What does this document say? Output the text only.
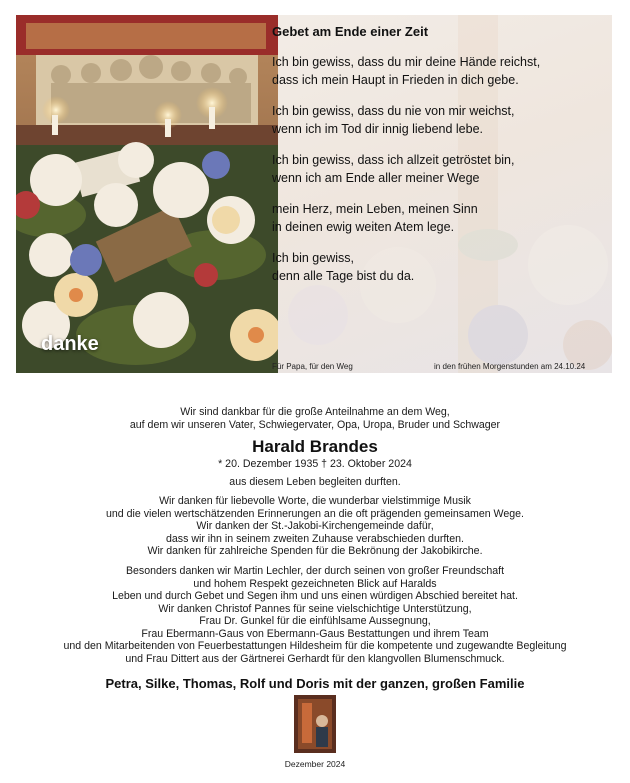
danke
Gebet am Ende einer Zeit
Ich bin gewiss, dass du mir deine Hände reichst,
dass ich mein Haupt in Frieden in dich gebe.
Ich bin gewiss, dass du nie von mir weichst,
wenn ich im Tod dir innig liebend lebe.
Ich bin gewiss, dass ich allzeit getröstet bin,
wenn ich am Ende aller meiner Wege
mein Herz, mein Leben, meinen Sinn
in deinen ewig weiten Atem lege.
Ich bin gewiss,
denn alle Tage bist du da.
Für Papa, für den Weg	in den frühen Morgenstunden am 24.10.24
Wir sind dankbar für die große Anteilnahme an dem Weg,
auf dem wir unseren Vater, Schwiegervater, Opa, Uropa, Bruder und Schwager
Harald Brandes
* 20. Dezember 1935 † 23. Oktober 2024
aus diesem Leben begleiten durften.
Wir danken für liebevolle Worte, die wunderbar vielstimmige Musik
und die vielen wertschätzenden Erinnerungen an die oft prägenden gemeinsamen Wege.
Wir danken der St.-Jakobi-Kirchengemeinde dafür,
dass wir ihn in seinem zweiten Zuhause verabschieden durften.
Wir danken für zahlreiche Spenden für die Bekrönung der Jakobikirche.
Besonders danken wir Martin Lechler, der durch seinen von großer Freundschaft
und hohem Respekt gezeichneten Blick auf Haralds
Leben und durch Gebet und Segen ihm und uns einen würdigen Abschied bereitet hat.
Wir danken Christof Pannes für seine vielschichtige Unterstützung,
Frau Dr. Gunkel für die einfühlsame Aussegnung,
Frau Ebermann-Gaus von Ebermann-Gaus Bestattungen und ihrem Team
und den Mitarbeitenden von Feuerbestattungen Hildesheim für die kompetente und zugewandte Begleitung
und Frau Dittert aus der Gärtnerei Gerhardt für den klangvollen Blumenschmuck.
Petra, Silke, Thomas, Rolf und Doris mit der ganzen, großen Familie
Dezember 2024
